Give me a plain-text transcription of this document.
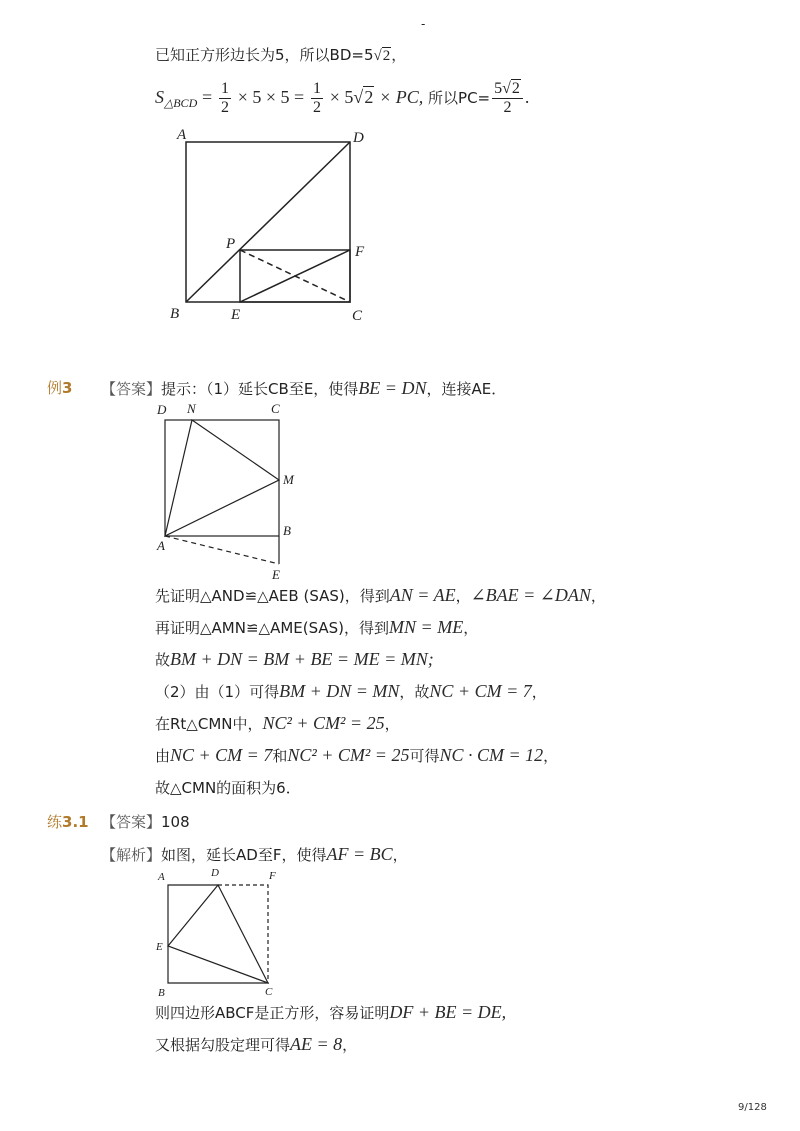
-
已知正方形边长为5，所以BD=5√2，
$S_{\triangle BCD} = \frac{1}{2} \times 5 \times 5 = \frac{1}{2} \times 5√2$ × PC, 所以$PC= \frac{5√2}{2}$ .
A	D
P	F
B	E	C
例3 【答案】提示：（1）延长CB至E，使得BE = DN，连接AE．
D N	C
M
A
B
E
先证明△AND≌△AEB (SAS)，得到AN = AE，∠BAE = ∠DAN，
再证明△AMN≌△AME(SAS)，得到MN = ME，
故BM + DN = BM + BE = ME = MN;
（2）由（1）可得BM + DN = MN，故NC + CM = 7，
在Rt△CMN中，NC² + CM² = 25，
由NC + CM = 7和NC² + CM² = 25可得NC · CM = 12，
故△CMN的面积为6．
练3.1 【答案】108
【解析】如图，延长AD至F，使得AF = BC，
A	D	F
E
B	C
则四边形ABCF是正方形，容易证明DF + BE = DE,
又根据勾股定理可得AE = 8，
9/128
